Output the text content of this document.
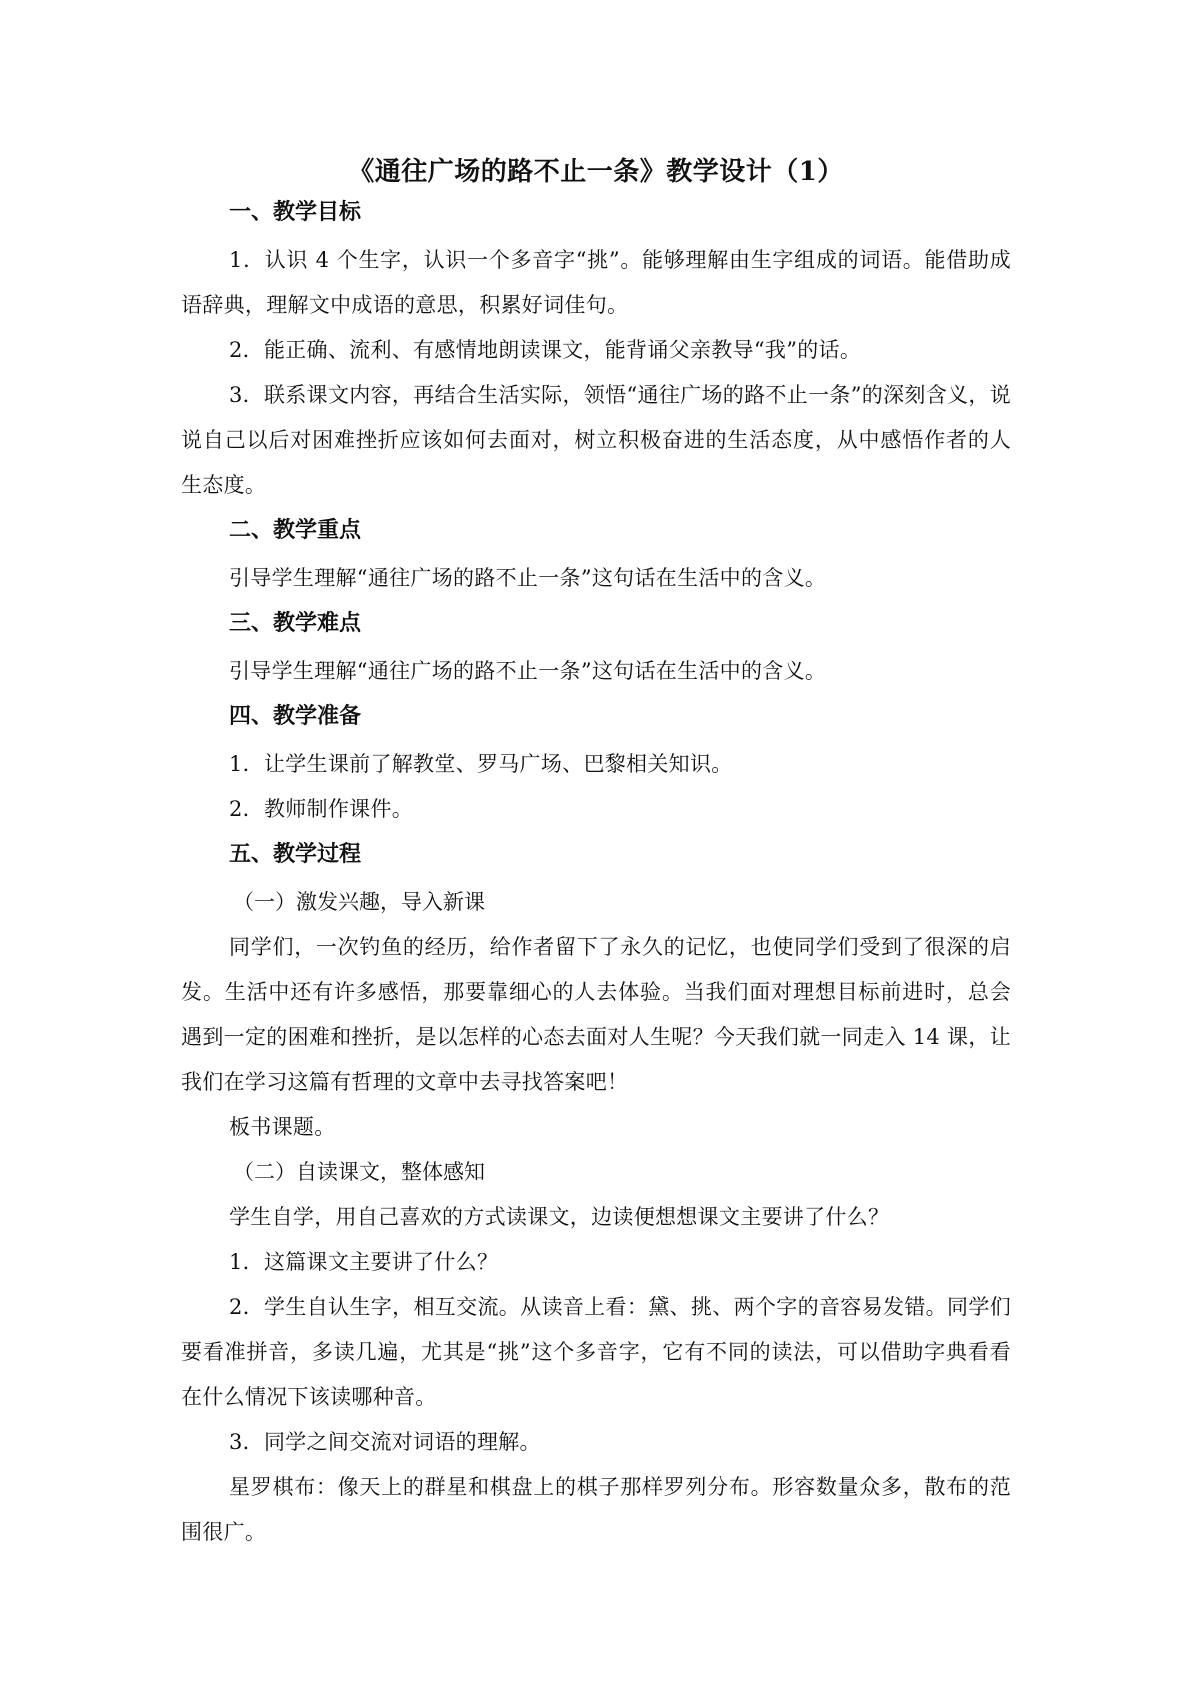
《通往广场的路不止一条》教学设计（1）
一、教学目标

1．认识 4 个生字，认识一个多音字“挑”。能够理解由生字组成的词语。能借助成语辞典，理解文中成语的意思，积累好词佳句。

2．能正确、流利、有感情地朗读课文，能背诵父亲教导“我”的话。

3．联系课文内容，再结合生活实际，领悟“通往广场的路不止一条”的深刻含义，说说自己以后对困难挫折应该如何去面对，树立积极奋进的生活态度，从中感悟作者的人生态度。

二、教学重点

引导学生理解“通往广场的路不止一条”这句话在生活中的含义。

三、教学难点

引导学生理解“通往广场的路不止一条”这句话在生活中的含义。

四、教学准备

1．让学生课前了解教堂、罗马广场、巴黎相关知识。

2．教师制作课件。

五、教学过程

（一）激发兴趣，导入新课

同学们，一次钓鱼的经历，给作者留下了永久的记忆，也使同学们受到了很深的启发。生活中还有许多感悟，那要靠细心的人去体验。当我们面对理想目标前进时，总会遇到一定的困难和挫折，是以怎样的心态去面对人生呢？今天我们就一同走入 14 课，让我们在学习这篇有哲理的文章中去寻找答案吧！

板书课题。

（二）自读课文，整体感知

学生自学，用自己喜欢的方式读课文，边读便想想课文主要讲了什么？

1．这篇课文主要讲了什么？

2．学生自认生字，相互交流。从读音上看：黛、挑、两个字的音容易发错。同学们要看准拼音，多读几遍，尤其是“挑”这个多音字，它有不同的读法，可以借助字典看看在什么情况下该读哪种音。

3．同学之间交流对词语的理解。

星罗棋布：像天上的群星和棋盘上的棋子那样罗列分布。形容数量众多，散布的范围很广。
